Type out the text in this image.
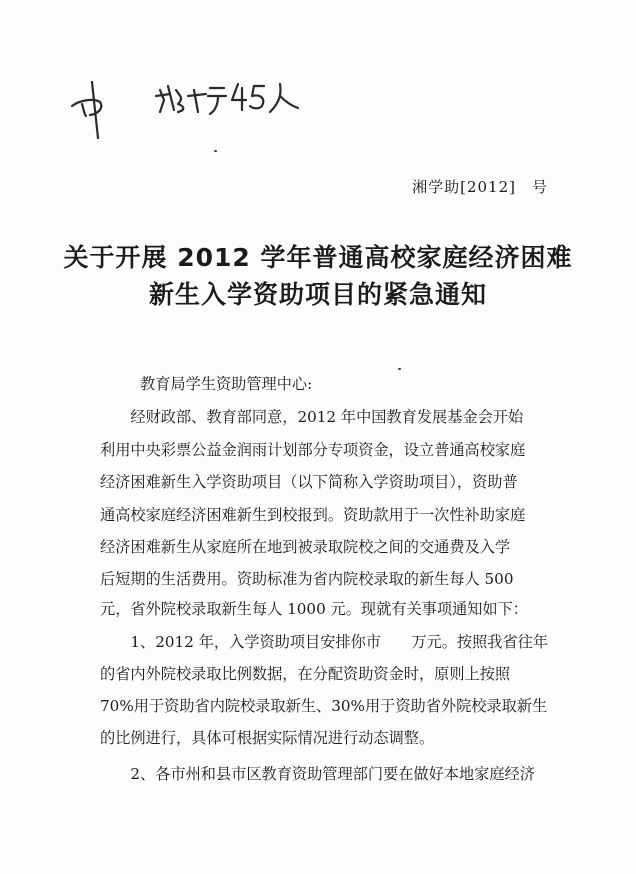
湘学助[2012]　号
关于开展 2012 学年普通高校家庭经济困难
新生入学资助项目的紧急通知
教育局学生资助管理中心:
　　经财政部、教育部同意，2012 年中国教育发展基金会开始
利用中央彩票公益金润雨计划部分专项资金，设立普通高校家庭
经济困难新生入学资助项目（以下简称入学资助项目），资助普
通高校家庭经济困难新生到校报到。资助款用于一次性补助家庭
经济困难新生从家庭所在地到被录取院校之间的交通费及入学
后短期的生活费用。资助标准为省内院校录取的新生每人 500
元，省外院校录取新生每人 1000 元。现就有关事项通知如下：
　　1、2012 年，入学资助项目安排你市　　万元。按照我省往年
的省内外院校录取比例数据，在分配资助资金时，原则上按照
70%用于资助省内院校录取新生、30%用于资助省外院校录取新生
的比例进行，具体可根据实际情况进行动态调整。
　　2、各市州和县市区教育资助管理部门要在做好本地家庭经济
